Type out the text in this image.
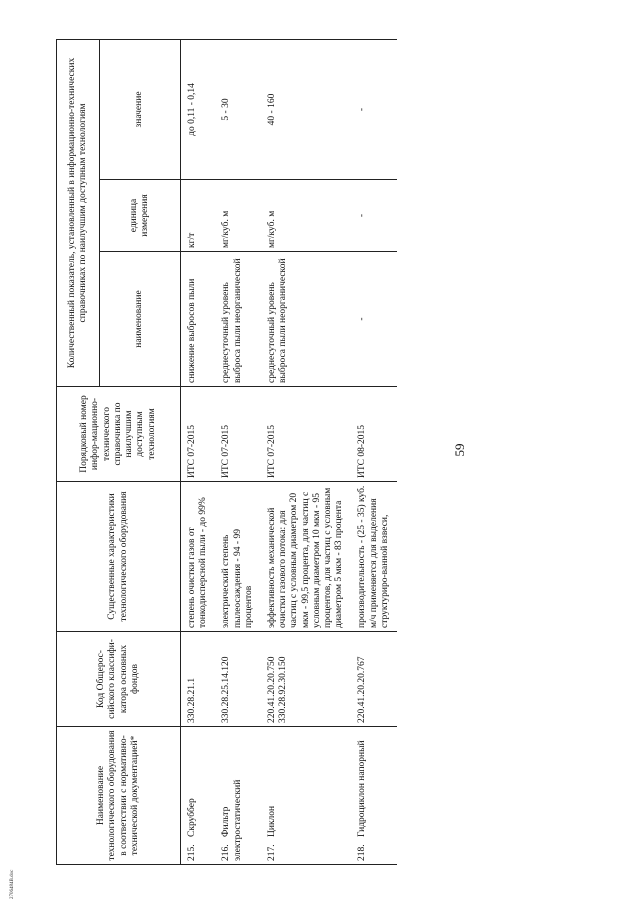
59
Наименование технологического оборудования в соответствии с нормативно-технической документацией*	Код Общерос-сийского классифи-катора основных фондов	Существенные характеристики технологического оборудования	Порядковый номер инфор-мационно-технического справочника по наилучшим доступным технологиям	Количественный показатель, установленный в информационно-технических справочниках по наилучшим доступным технологиям		
				наименование	единица измерения	значение
215.Скруббер	330.28.21.1	степень очистки газов от тонкодисперсной пыли - до 99%	ИТС 07-2015	снижение выбросов пыли	кг/т	до 0,11 - 0,14
216.Фильтр электростатический	330.28.25.14.120	электрический степень пылеосаждения - 94 - 99 процентов	ИТС 07-2015	среднесуточный уровень выброса пыли неорганической	мг/куб. м	5 - 30
217.Циклон	220.41.20.20.750 330.28.92.30.150	эффективность механической очистки газового потока: для частиц с условным диаметром 20 мкм - 99,5 процента, для частиц с условным диаметром 10 мкм - 95 процентов, для частиц с условным диаметром 5 мкм - 83 процента	ИТС 07-2015	среднесуточный уровень выброса пыли неорганической	мг/куб. м	40 - 160
218.Гидроциклон напорный	220.41.20.20.767	производительность - (25 - 35) куб. м/ч применяется для выделения структуриро-ванной взвеси,	ИТС 08-2015	-	-	-
2706484В.doc
